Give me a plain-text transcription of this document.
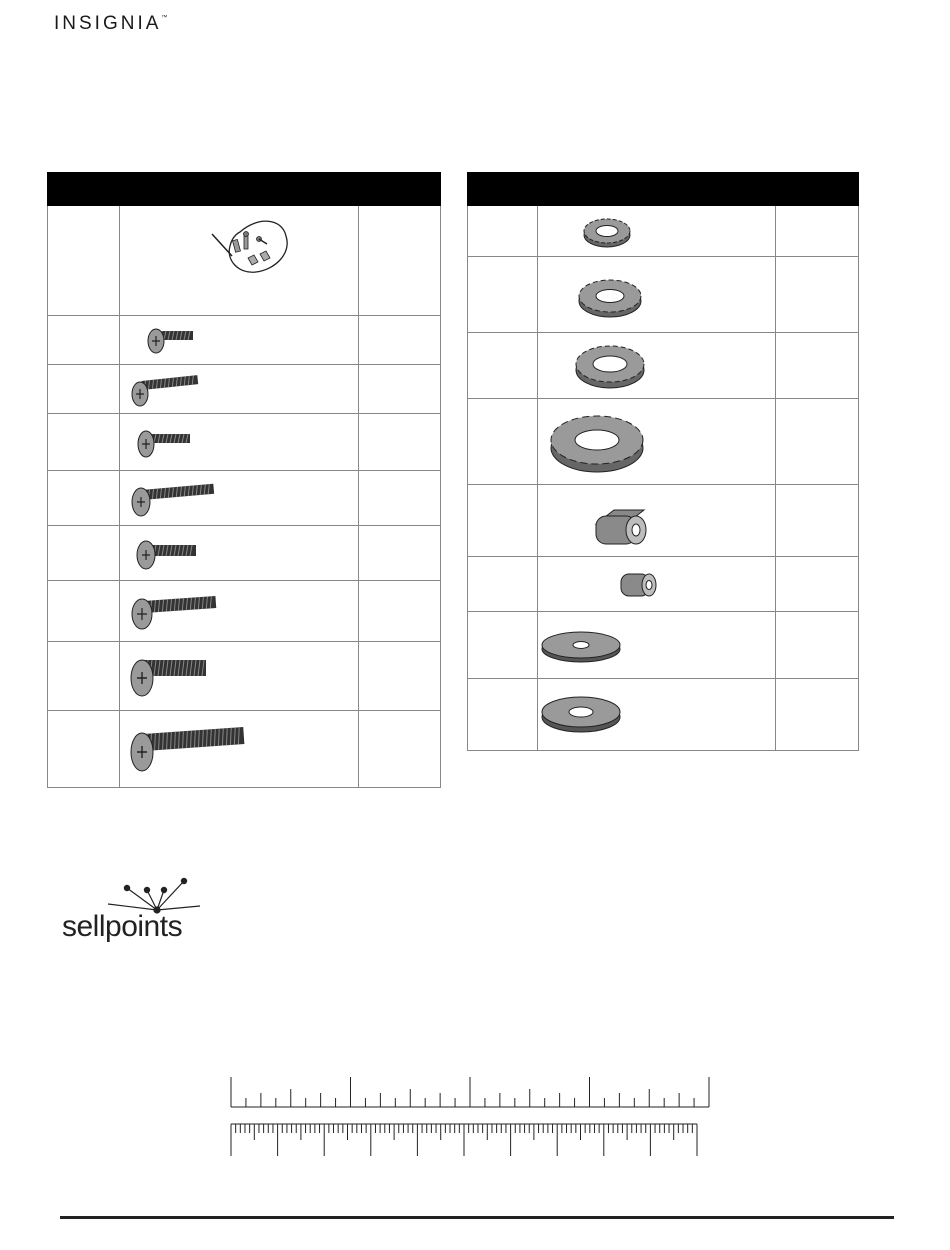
INSIGNIA™

sellpoints
